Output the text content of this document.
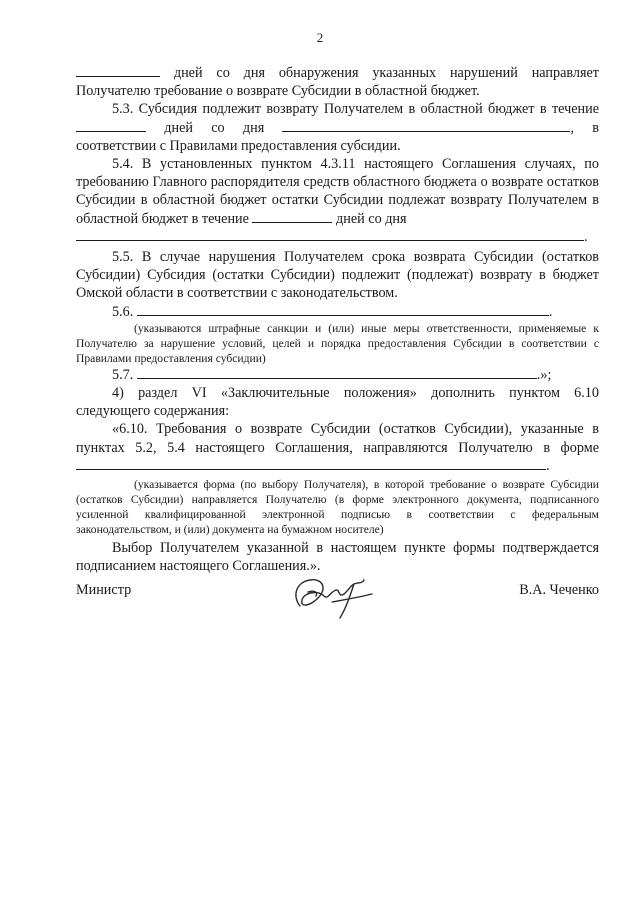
2

дней со дня обнаружения указанных нарушений направляет Получателю требование о возврате Субсидии в областной бюджет.

5.3. Субсидия подлежит возврату Получателем в областной бюджет в течение  дней со дня	, в соответствии с Правилами предоставления субсидии.

5.4. В установленных пунктом 4.3.11 настоящего Соглашения случаях, по требованию Главного распорядителя средств областного бюджета о возврате остатков Субсидии в областной бюджет остатки Субсидии подлежат возврату Получателем в областной бюджет в течение	дней со дня
.

5.5. В случае нарушения Получателем срока возврата Субсидии (остатков Субсидии) Субсидия (остатки Субсидии) подлежит (подлежат) возврату в бюджет Омской области в соответствии с законодательством.

5.6.	.

(указываются штрафные санкции и (или) иные меры ответственности, применяемые к Получателю за нарушение условий, целей и порядка предоставления Субсидии в соответствии с Правилами предоставления субсидии)

5.7.	.»;

4) раздел VI «Заключительные положения» дополнить пунктом 6.10 следующего содержания:

«6.10. Требования о возврате Субсидии (остатков Субсидии), указанные в пунктах 5.2, 5.4 настоящего Соглашения, направляются Получателю в форме.

(указывается форма (по выбору Получателя), в которой требование о возврате Субсидии (остатков Субсидии) направляется Получателю (в форме электронного документа, подписанного усиленной квалифицированной электронной подписью в соответствии с федеральным законодательством, и (или) документа на бумажном носителе)

Выбор Получателем указанной в настоящем пункте формы подтверждается подписанием настоящего Соглашения.».

Министр	В.А. Чеченко
